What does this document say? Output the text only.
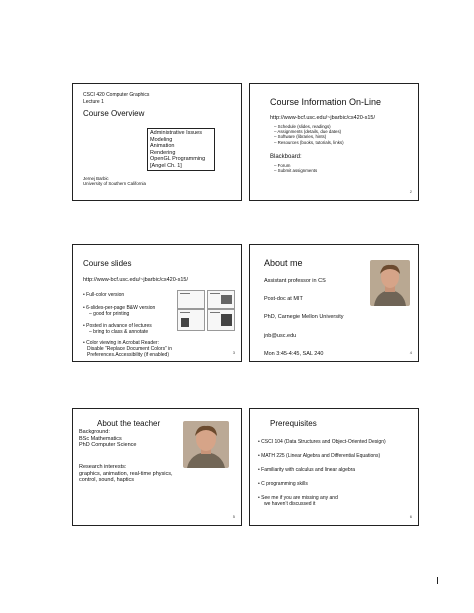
CSCI 420 Computer Graphics
Lecture 1
Course Overview
Administrative Issues
Modeling
Animation
Rendering
OpenGL Programming
[Angel Ch. 1]
Jernej Barbic
University of Southern California
Course Information On-Line
http://www-bcf.usc.edu/~jbarbic/cs420-s15/
– Schedule (slides, readings)
– Assignments (details, due dates)
– Software (libraries, hints)
– Resources (books, tutorials, links)
Blackboard:
– Forum
– Submit assignments
2
Course slides
http://www-bcf.usc.edu/~jbarbic/cs420-s15/
• Full-color version
• 6-slides-per-page B&W version
– good for printing
• Posted in advance of lectures
– bring to class & annotate
• Color viewing in Acrobat Reader:
Disable “Replace Document Colors” in
Preferences.Accessibility (if enabled)	3
About me
Assistant professor in CS
Post-doc at MIT
PhD, Carnegie Mellon University
jnb@usc.edu
Mon 3:45-4:45, SAL 240	4
About the teacher
Background:
BSc Mathematics
PhD Computer Science
Research interests:
graphics, animation, real-time physics,
control, sound, haptics
5
Prerequisites
• CSCI 104 (Data Structures and Object-Oriented Design)
• MATH 225 (Linear Algebra and Differential Equations)
• Familiarity with calculus and linear algebra
• C programming skills
• See me if you are missing any and
we haven’t discussed it
6
